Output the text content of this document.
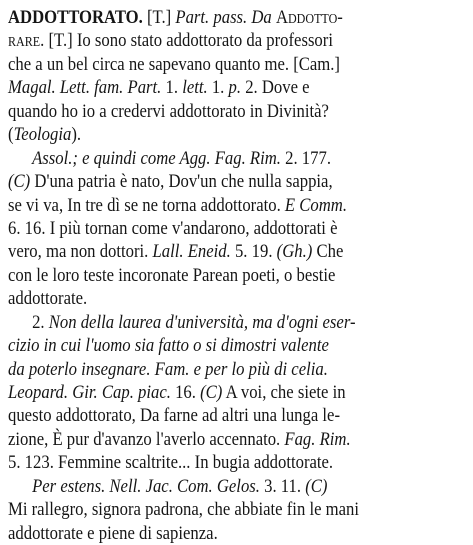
ADDOTTORATO. [T.] Part. pass. Da Addotto-
rare. [T.] Io sono stato addottorato da professori
che a un bel circa ne sapevano quanto me. [Cam.]
Magal. Lett. fam. Part. 1. lett. 1. p. 2. Dove e
quando ho io a credervi addottorato in Divinità?
(Teologia).
Assol.; e quindi come Agg. Fag. Rim. 2. 177.
(C) D'una patria è nato, Dov'un che nulla sappia,
se vi va, In tre dì se ne torna addottorato. E Comm.
6. 16. I più tornan come v'andarono, addottorati è
vero, ma non dottori. Lall. Eneid. 5. 19. (Gh.) Che
con le loro teste incoronate Parean poeti, o bestie
addottorate.
2. Non della laurea d'università, ma d'ogni eser-
cizio in cui l'uomo sia fatto o si dimostri valente
da poterlo insegnare. Fam. e per lo più di celia.
Leopard. Gir. Cap. piac. 16. (C) A voi, che siete in
questo addottorato, Da farne ad altri una lunga le-
zione, È pur d'avanzo l'averlo accennato. Fag. Rim.
5. 123. Femmine scaltrite... In bugia addottorate.
Per estens. Nell. Jac. Com. Gelos. 3. 11. (C)
Mi rallegro, signora padrona, che abbiate fin le mani
addottorate e piene di sapienza.
